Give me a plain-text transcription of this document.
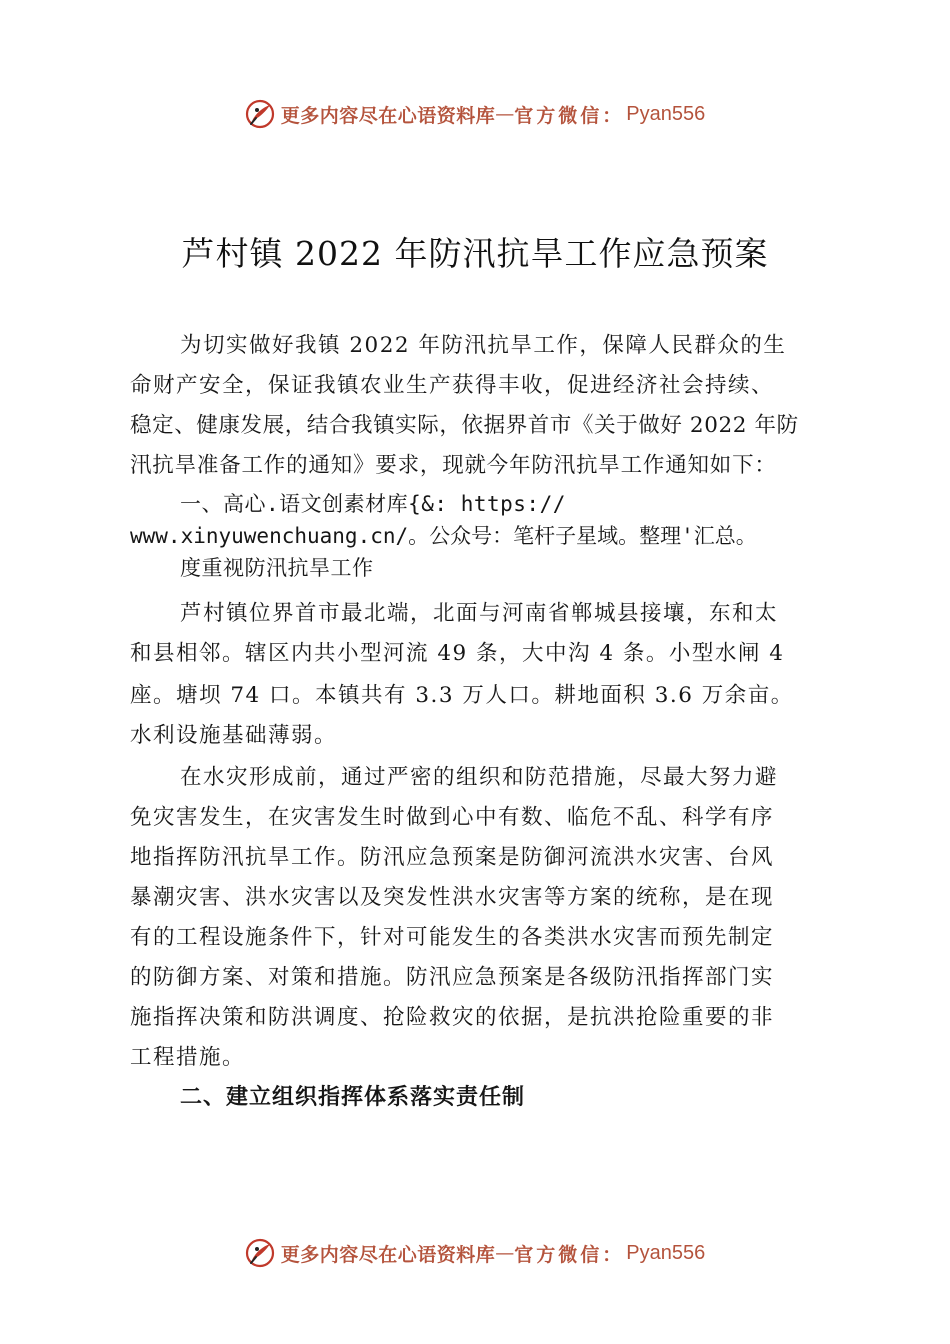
更多内容尽在心语资料库 — 官方微信： Pyan556
芦村镇 2022 年防汛抗旱工作应急预案
为切实做好我镇 2022 年防汛抗旱工作，保障人民群众的生
命财产安全，保证我镇农业生产获得丰收，促进经济社会持续、
稳定、健康发展，结合我镇实际，依据界首市《关于做好 2022 年防
汛抗旱准备工作的通知》要求，现就今年防汛抗旱工作通知如下：
一、高心.语文创素材库{&: https://
www.xinyuwenchuang.cn/。公众号：笔杆子星域。整理'汇总。
度重视防汛抗旱工作
芦村镇位界首市最北端，北面与河南省郸城县接壤，东和太
和县相邻。辖区内共小型河流 49 条，大中沟 4 条。小型水闸 4
座。塘坝 74 口。本镇共有 3.3 万人口。耕地面积 3.6 万余亩。
水利设施基础薄弱。
在水灾形成前，通过严密的组织和防范措施，尽最大努力避
免灾害发生，在灾害发生时做到心中有数、临危不乱、科学有序
地指挥防汛抗旱工作。防汛应急预案是防御河流洪水灾害、台风
暴潮灾害、洪水灾害以及突发性洪水灾害等方案的统称，是在现
有的工程设施条件下，针对可能发生的各类洪水灾害而预先制定
的防御方案、对策和措施。防汛应急预案是各级防汛指挥部门实
施指挥决策和防洪调度、抢险救灾的依据，是抗洪抢险重要的非
工程措施。
二、建立组织指挥体系落实责任制
更多内容尽在心语资料库 — 官方微信： Pyan556
